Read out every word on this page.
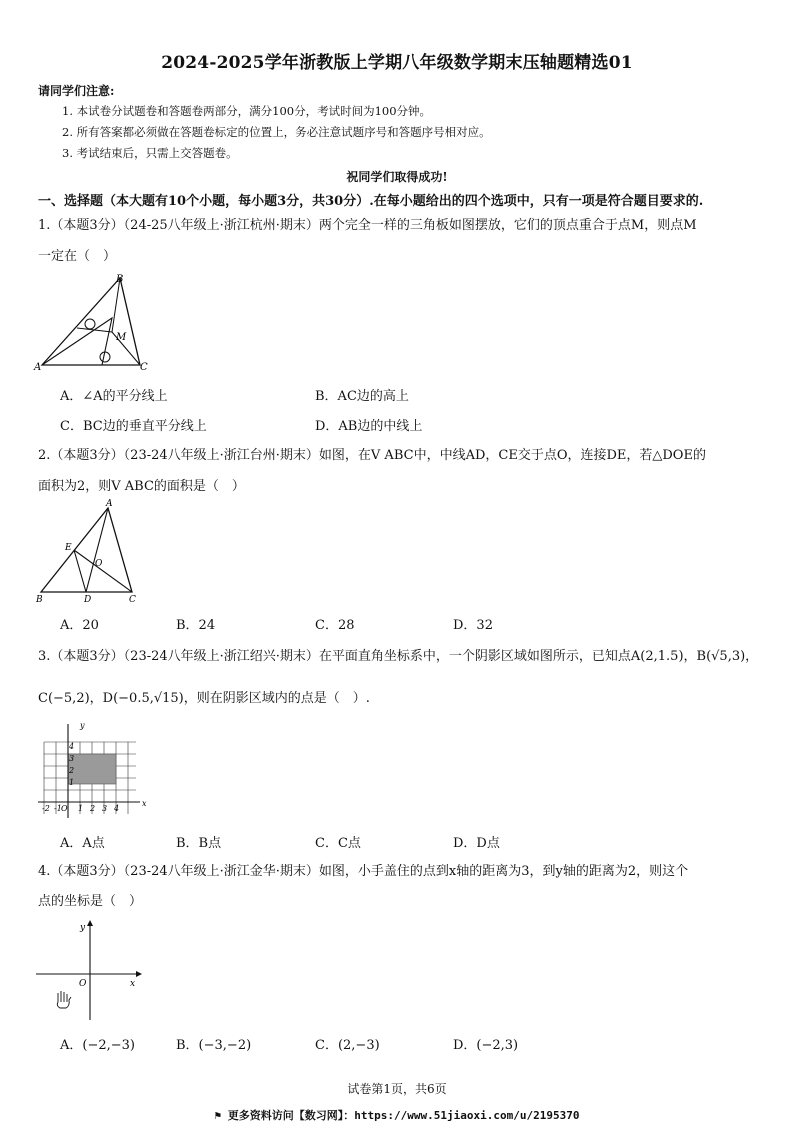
2024-2025学年浙教版上学期八年级数学期末压轴题精选01
请同学们注意:
1. 本试卷分试题卷和答题卷两部分，满分100分，考试时间为100分钟。
2. 所有答案都必须做在答题卷标定的位置上，务必注意试题序号和答题序号相对应。
3. 考试结束后，只需上交答题卷。
祝同学们取得成功!
一、选择题（本大题有10个小题，每小题3分，共30分）.在每小题给出的四个选项中，只有一项是符合题目要求的.
1.（本题3分）（24-25八年级上·浙江杭州·期末）两个完全一样的三角板如图摆放，它们的顶点重合于点M，则点M
一定在（　）
B
M
A	C
A．∠A的平分线上	B．AC边的高上
C．BC边的垂直平分线上	D．AB边的中线上
2.（本题3分）（23-24八年级上·浙江台州·期末）如图，在V ABC中，中线AD，CE交于点O，连接DE，若△DOE的
面积为2，则V ABC的面积是（　）
A
E
O
B	D	C
A．20	B．24	C．28	D．32
3.（本题3分）（23-24八年级上·浙江绍兴·期末）在平面直角坐标系中，一个阴影区域如图所示，已知点A(2,1.5)，B(√5,3)，
C(−5,2)，D(−0.5,√15)，则在阴影区域内的点是（　）.
y
x
O
4
3
2
1
-2 -1 1 2 3 4
A．A点	B．B点	C．C点	D．D点
4.（本题3分）（23-24八年级上·浙江金华·期末）如图，小手盖住的点到x轴的距离为3，到y轴的距离为2，则这个
点的坐标是（　）
y
x
O
A．(−2,−3)	B．(−3,−2)	C．(2,−3)	D．(−2,3)
试卷第1页，共6页
⚑ 更多资料访问【数习网】：https://www.51jiaoxi.com/u/2195370
